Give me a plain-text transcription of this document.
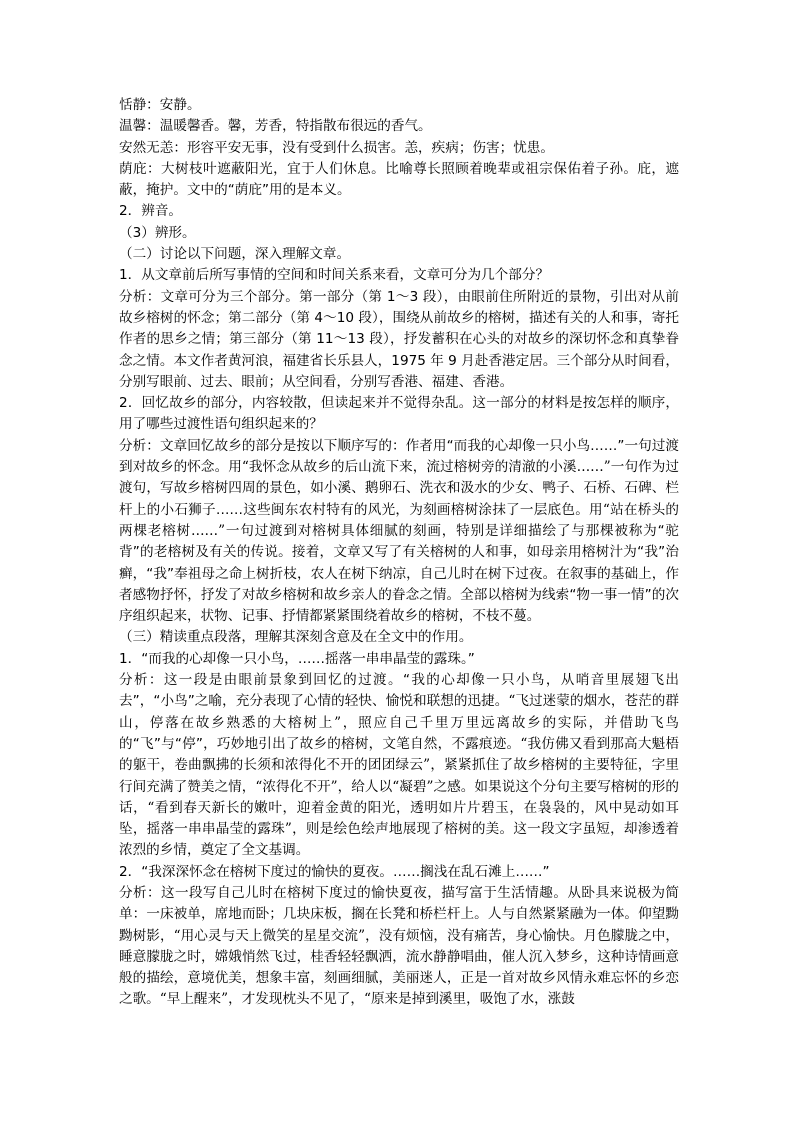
恬静：安静。

温馨：温暖馨香。馨，芳香，特指散布很远的香气。

安然无恙：形容平安无事，没有受到什么损害。恙，疾病；伤害；忧患。

荫庇：大树枝叶遮蔽阳光，宜于人们休息。比喻尊长照顾着晚辈或祖宗保佑着子孙。庇，遮蔽，掩护。文中的“荫庇”用的是本义。

2．辨音。

（3）辨形。

（二）讨论以下问题，深入理解文章。

1．从文章前后所写事情的空间和时间关系来看，文章可分为几个部分？

分析：文章可分为三个部分。第一部分（第 1～3 段），由眼前住所附近的景物，引出对从前故乡榕树的怀念；第二部分（第 4～10 段），围绕从前故乡的榕树，描述有关的人和事，寄托作者的思乡之情；第三部分（第 11～13 段），抒发蓄积在心头的对故乡的深切怀念和真挚眷念之情。本文作者黄河浪，福建省长乐县人，1975 年 9 月赴香港定居。三个部分从时间看，分别写眼前、过去、眼前；从空间看，分别写香港、福建、香港。

2．回忆故乡的部分，内容较散，但读起来并不觉得杂乱。这一部分的材料是按怎样的顺序，用了哪些过渡性语句组织起来的？

分析：文章回忆故乡的部分是按以下顺序写的：作者用“而我的心却像一只小鸟……”一句过渡到对故乡的怀念。用“我怀念从故乡的后山流下来，流过榕树旁的清澈的小溪……”一句作为过渡句，写故乡榕树四周的景色，如小溪、鹅卵石、洗衣和汲水的少女、鸭子、石桥、石碑、栏杆上的小石狮子……这些闽东农村特有的风光，为刻画榕树涂抹了一层底色。用“站在桥头的两棵老榕树……”一句过渡到对榕树具体细腻的刻画，特别是详细描绘了与那棵被称为“驼背”的老榕树及有关的传说。接着，文章又写了有关榕树的人和事，如母亲用榕树汁为“我”治癣，“我”奉祖母之命上树折枝，农人在树下纳凉，自己儿时在树下过夜。在叙事的基础上，作者感物抒怀，抒发了对故乡榕树和故乡亲人的眷念之情。全部以榕树为线索“物一事一情”的次序组织起来，状物、记事、抒情都紧紧围绕着故乡的榕树，不枝不蔓。

（三）精读重点段落，理解其深刻含意及在全文中的作用。

1．“而我的心却像一只小鸟，……摇落一串串晶莹的露珠。”

分析：这一段是由眼前景象到回忆的过渡。“我的心却像一只小鸟，从哨音里展翅飞出去”，“小鸟”之喻，充分表现了心情的轻快、愉悦和联想的迅捷。“飞过迷蒙的烟水，苍茫的群山，停落在故乡熟悉的大榕树上”，照应自己千里万里远离故乡的实际，并借助飞鸟的“飞”与“停”，巧妙地引出了故乡的榕树，文笔自然，不露痕迹。“我仿佛又看到那高大魁梧的躯干，卷曲飘拂的长须和浓得化不开的团团绿云”，紧紧抓住了故乡榕树的主要特征，字里行间充满了赞美之情，“浓得化不开”，给人以“凝碧”之感。如果说这个分句主要写榕树的形的话，“看到春天新长的嫩叶，迎着金黄的阳光，透明如片片碧玉，在袅袅的，风中晃动如耳坠，摇落一串串晶莹的露珠”，则是绘色绘声地展现了榕树的美。这一段文字虽短，却渗透着浓烈的乡情，奠定了全文基调。

2．“我深深怀念在榕树下度过的愉快的夏夜。……搁浅在乱石滩上……”

分析：这一段写自己儿时在榕树下度过的愉快夏夜，描写富于生活情趣。从卧具来说极为简单：一床被单，席地而卧；几块床板，搁在长凳和桥栏杆上。人与自然紧紧融为一体。仰望黝黝树影，“用心灵与天上微笑的星星交流”，没有烦恼，没有痛苦，身心愉快。月色朦胧之中，睡意朦胧之时，嫦娥悄然飞过，桂香轻轻飘洒，流水静静唱曲，催人沉入梦乡，这种诗情画意般的描绘，意境优美，想象丰富，刻画细腻，美丽迷人，正是一首对故乡风情永难忘怀的乡恋之歌。“早上醒来”，才发现枕头不见了，“原来是掉到溪里，吸饱了水，涨鼓
